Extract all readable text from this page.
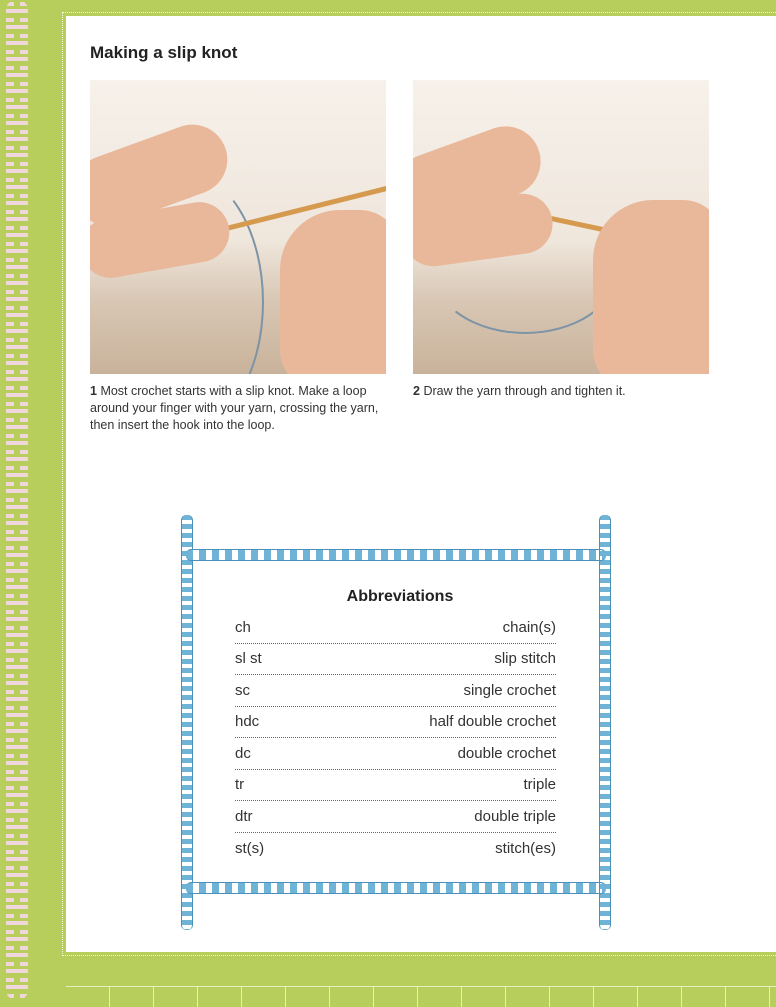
Making a slip knot
1 Most crochet starts with a slip knot. Make a loop around your finger with your yarn, crossing the yarn, then insert the hook into the loop.
2 Draw the yarn through and tighten it.
Abbreviations
ch	chain(s)
sl st	slip stitch
sc	single crochet
hdc	half double crochet
dc	double crochet
tr	triple
dtr	double triple
st(s)	stitch(es)
